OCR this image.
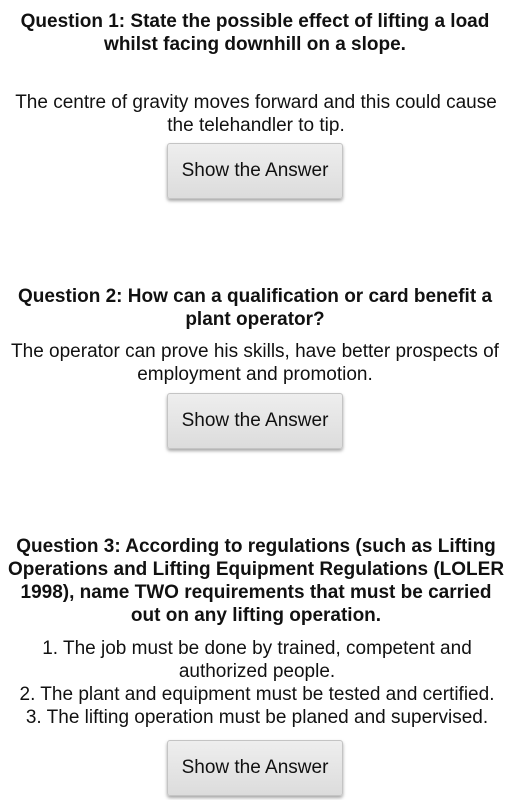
Question 1: State the possible effect of lifting a load whilst facing downhill on a slope.
The centre of gravity moves forward and this could cause the telehandler to tip.
Show the Answer
Question 2: How can a qualification or card benefit a plant operator?
The operator can prove his skills, have better prospects of employment and promotion.
Show the Answer
Question 3: According to regulations (such as Lifting Operations and Lifting Equipment Regulations (LOLER 1998), name TWO requirements that must be carried out on any lifting operation.
1. The job must be done by trained, competent and authorized people.
2. The plant and equipment must be tested and certified.
3. The lifting operation must be planed and supervised.
Show the Answer
